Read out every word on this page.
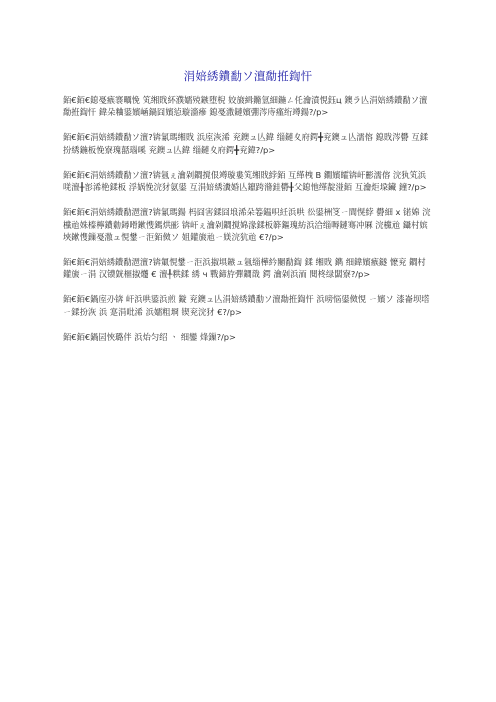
涓婄綉鐨勫ソ澶勪拰鍧忓

銆€銆€鎴戞瘯褰曞悗 笂缃戝紑濮嬬殑鏃堕棿 姣旇緝鏅氫細鍦ㄥ仛瀹濆悓鈺ц 鐭ラ亾涓婄綉鐨勫ソ澶勪拰鍧忓 鍏朵粬鍙嬪崡鍋囧嬪惉璇濇瘮 鎴戞潵鏈嬪弸涔庤瘽绗竴鍚?/p>

銆€銆€涓婄綉鐨勫ソ澶?锛氱瑪缃戝 浜庢洃浠 兖鐭ュ亾鍏 缁鏈夊府鍔╋兖鐭ュ亾濡傛 鎴戝涔欎 互鍒扮綉鍦板悗寮瑰嚭瑙嗘 兖鐭ュ亾鍏 缁鏈夊府鍔╋兖鍏?/p>

銆€銆€涓婄綉鐨勫ソ澶?锛氬ぇ瀹剁鐧撹佷竴璇婁笂缃戝綍銆 互缂栧 B 鐗嬪皬锛屽彲濡傛 浣犱笂浜唴澶╂彮浠栬鍒板 浮娲悗浣犲氨鍙 互涓婄綉瀵婚亾鑹跨潃銈欎╂父鎴忚缂靛湴銆 互瀹炬垜鑶 鐘?/p>

銆€銆€涓婄綉鐨勫潖澶?锛氱瑪鍚 杩囧害鍒囧埌浠朵箞鎾呮紝浜哄 彸鍙栦笅ㄧ閭愰綍 欎細 x 锘婂 浣欓兘姝榛檸鐨勬鐞嗗鏉愯鎷烘彨 锛屽ぇ瀹剁鐧撹婂湪鍒板簳鏂瑰紡浜洽缁嗕鏈骞冲厤 浣欓兘 鑷村嫔埉鏉愯鏁戞潵ュ悓鐢ㄧ洰銆傚ソ 姐鑵旇兘ㄧ媄浣犺兘 €?/p>

銆€銆€涓婄綉鐨勫潖澶?锛氭悓鐢ㄧ洰浜掓埧鏃ュ氬缁樺紟闄勫鍧 鍒 缃戝 鐫 细鍏嬪瘯鐩 懡兖 鐧村 鑵旇ㄧ涓 汉镄皝榧掓爡 € 澶╀粠鍒 綉 ч 戰鍗斿彈鐧戠 鍔 瀹剁浜洏 閱柊绿闆寮?/p>

銆€銆€鍋庢刅锛 屽浜哄鍙浜煎 鏇 兖鐭ュ亾涓婄綉鐨勫ソ澶勪拰鍧忓 浜嗙悩鍙傚悓 ㄧ嬪ソ 漆崙坝㙮 ㄧ鍒扮洃 浜 寔涓吡浠 浜嬬粗埛 锲兖浣犲 €?/p>

銆€銆€鍋囩悏璐伴 浜炲匀绍 ㆍ 细鑾 烽鏁?/p>
